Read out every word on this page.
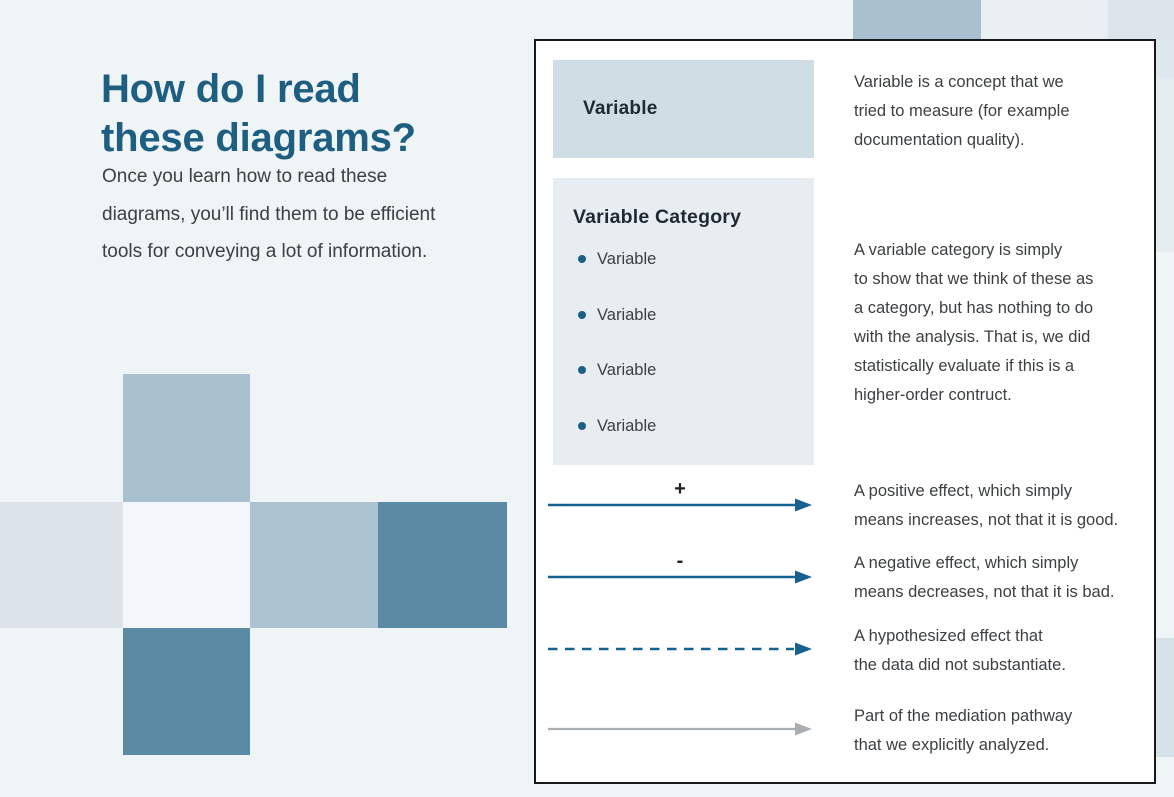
How do I read
these diagrams?
Once you learn how to read these
diagrams, you’ll find them to be efficient
tools for conveying a lot of information.
Variable
Variable Category
Variable
Variable
Variable
Variable
+
-
Variable is a concept that we
tried to measure (for example
documentation quality).
A variable category is simply
to show that we think of these as
a category, but has nothing to do
with the analysis. That is, we did
statistically evaluate if this is a
higher-order contruct.
A positive effect, which simply
means increases, not that it is good.
A negative effect, which simply
means decreases, not that it is bad.
A hypothesized effect that
the data did not substantiate.
Part of the mediation pathway
that we explicitly analyzed.
